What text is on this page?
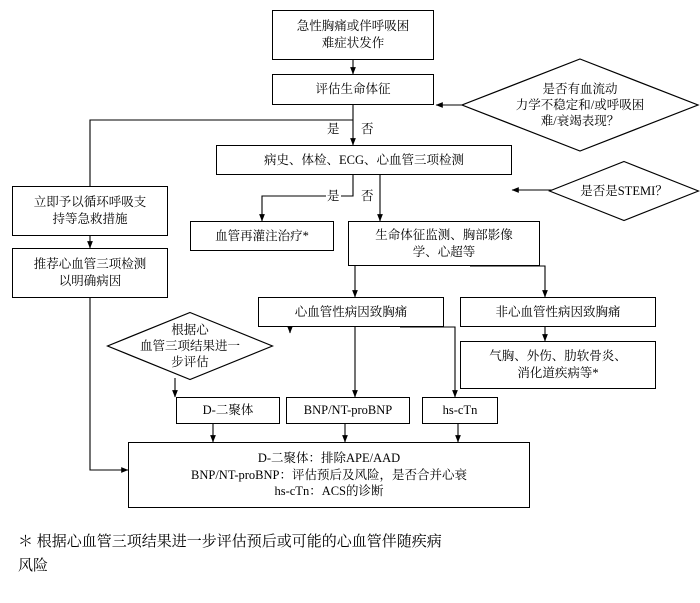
急性胸痛或伴呼吸困
难症状发作
评估生命体征	是否有血流动
力学不稳定和/或呼吸困
难/衰竭表现？
病史、体检、ECG、心血管三项检测
是否是STEMI？
立即予以循环呼吸支
持等急救措施
推荐心血管三项检测
以明确病因
血管再灌注治疗*	生命体征监测、胸部影像
学、心超等
心血管性病因致胸痛	非心血管性病因致胸痛
气胸、外伤、肋软骨炎、
消化道疾病等*
根据心
血管三项结果进一
步评估
D-二聚体	BNP/NT-proBNP	hs-cTn
D-二聚体：排除APE/AAD
BNP/NT-proBNP：评估预后及风险，是否合并心衰
hs-cTn：ACS的诊断
是 否
是 否
＊ 根据心血管三项结果进一步评估预后或可能的心血管伴随疾病
风险
